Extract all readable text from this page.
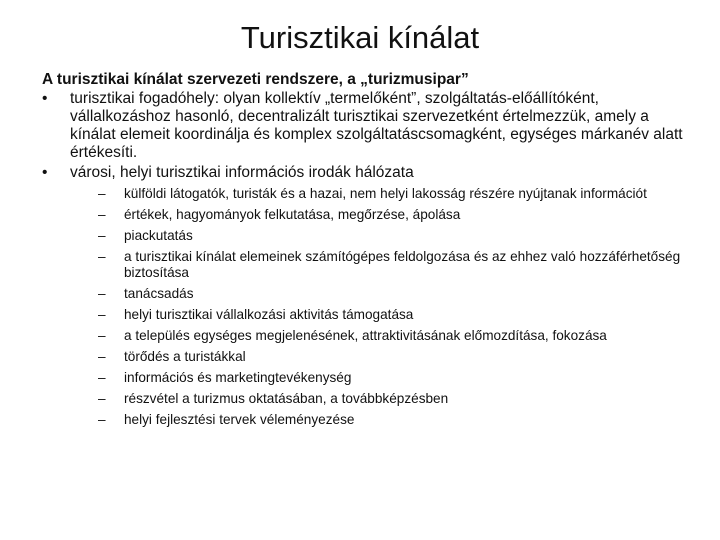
Turisztikai kínálat
A turisztikai kínálat szervezeti rendszere, a „turizmusipar”
•	turisztikai fogadóhely: olyan kollektív „termelőként”, szolgáltatás-előállítóként, vállalkozáshoz hasonló, decentralizált turisztikai szervezetként értelmezzük, amely a kínálat elemeit koordinálja és komplex szolgáltatáscsomagként, egységes márkanév alatt értékesíti.
•	városi, helyi turisztikai információs irodák hálózata
– külföldi látogatók, turisták és a hazai, nem helyi lakosság részére nyújtanak információt
– értékek, hagyományok felkutatása, megőrzése, ápolása
– piackutatás
– a turisztikai kínálat elemeinek számítógépes feldolgozása és az ehhez való hozzáférhetőség biztosítása
– tanácsadás
– helyi turisztikai vállalkozási aktivitás támogatása
– a település egységes megjelenésének, attraktivitásának előmozdítása, fokozása
– törődés a turistákkal
– információs és marketingtevékenység
– részvétel a turizmus oktatásában, a továbbképzésben
– helyi fejlesztési tervek véleményezése
